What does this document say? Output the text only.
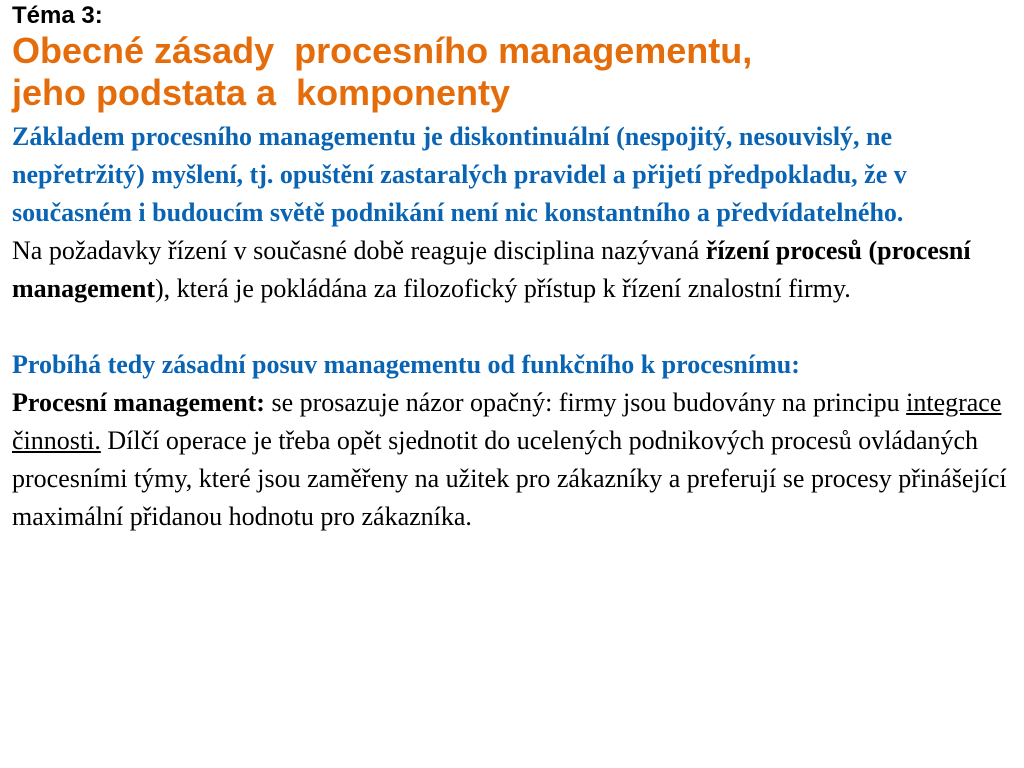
Téma 3:
Obecné zásady  procesního managementu,
jeho podstata a  komponenty

Základem procesního managementu je diskontinuální (nespojitý, nesouvislý, ne nepřetržitý) myšlení, tj. opuštění zastaralých pravidel a přijetí předpokladu, že v současném i budoucím světě podnikání není nic konstantního a předvídatelného.

Na požadavky řízení v současné době reaguje disciplina nazývaná řízení procesů (procesní management), která je pokládána za filozofický přístup k řízení znalostní firmy.

Probíhá tedy zásadní posuv managementu od funkčního k procesnímu:

Procesní management: se prosazuje názor opačný: firmy jsou budovány na principu integrace činnosti. Dílčí operace je třeba opět sjednotit do ucelených podnikových procesů ovládaných procesními týmy, které jsou zaměřeny na užitek pro zákazníky a preferují se procesy přinášející maximální přidanou hodnotu pro zákazníka.
